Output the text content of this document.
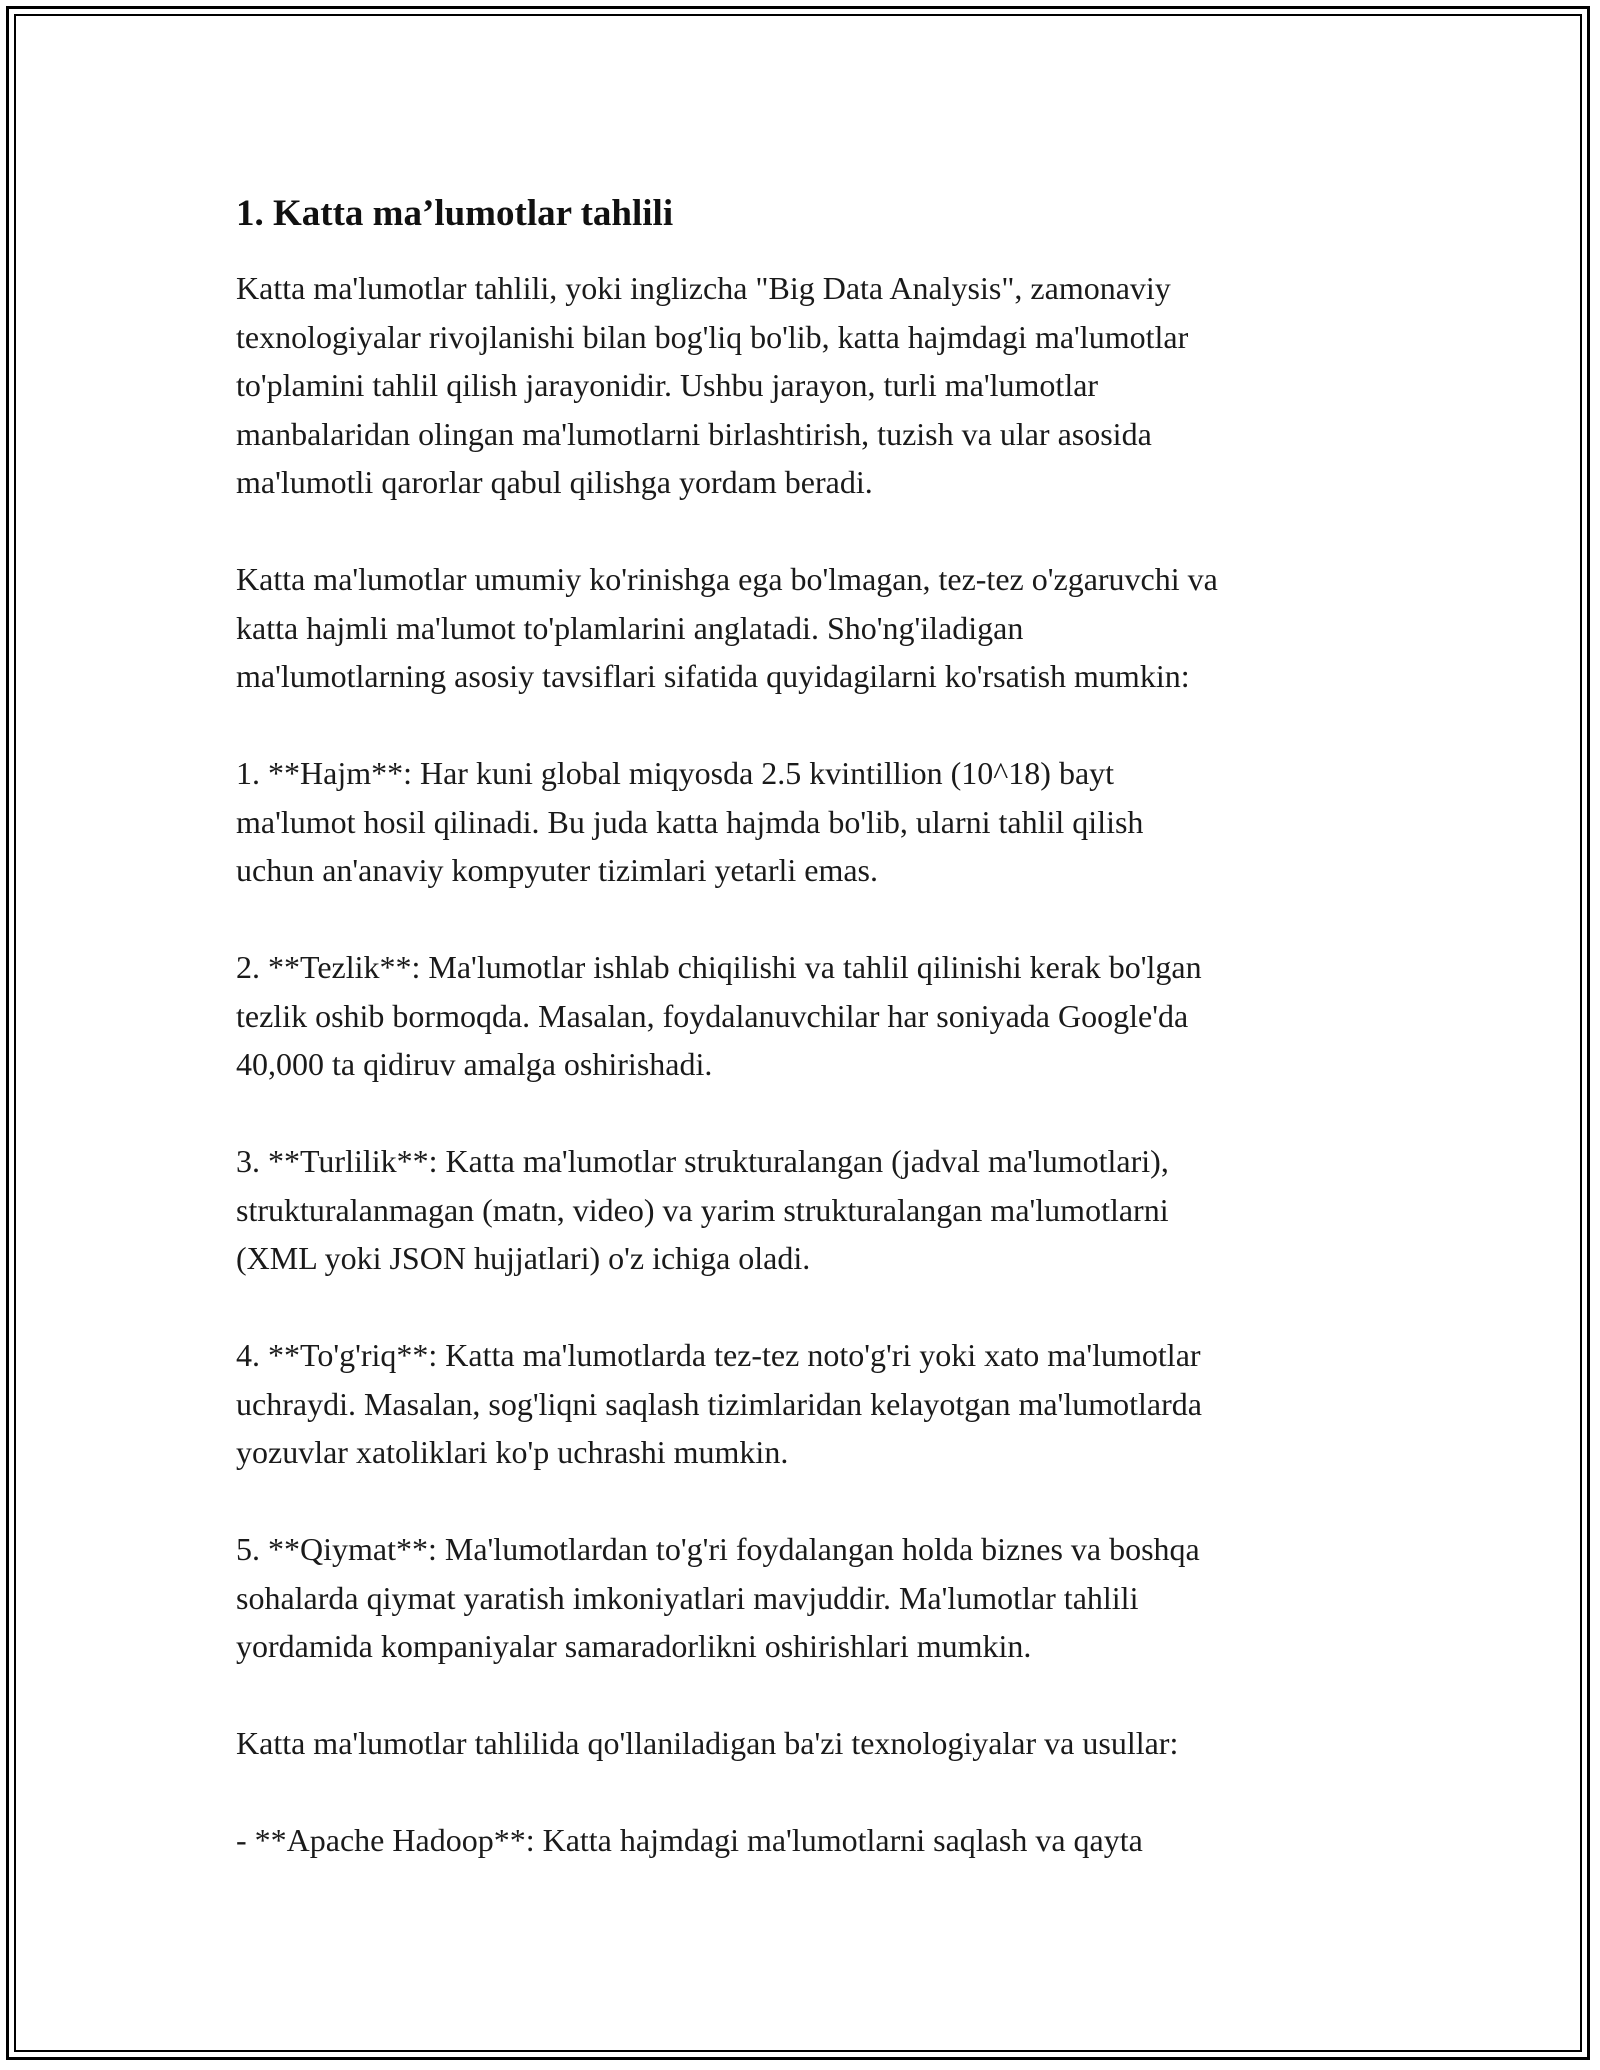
1. Katta ma’lumotlar tahlili

Katta ma'lumotlar tahlili, yoki inglizcha "Big Data Analysis", zamonaviy
texnologiyalar rivojlanishi bilan bog'liq bo'lib, katta hajmdagi ma'lumotlar
to'plamini tahlil qilish jarayonidir. Ushbu jarayon, turli ma'lumotlar
manbalaridan olingan ma'lumotlarni birlashtirish, tuzish va ular asosida
ma'lumotli qarorlar qabul qilishga yordam beradi.

Katta ma'lumotlar umumiy ko'rinishga ega bo'lmagan, tez-tez o'zgaruvchi va
katta hajmli ma'lumot to'plamlarini anglatadi. Sho'ng'iladigan
ma'lumotlarning asosiy tavsiflari sifatida quyidagilarni ko'rsatish mumkin:

1. **Hajm**: Har kuni global miqyosda 2.5 kvintillion (10^18) bayt
ma'lumot hosil qilinadi. Bu juda katta hajmda bo'lib, ularni tahlil qilish
uchun an'anaviy kompyuter tizimlari yetarli emas.

2. **Tezlik**: Ma'lumotlar ishlab chiqilishi va tahlil qilinishi kerak bo'lgan
tezlik oshib bormoqda. Masalan, foydalanuvchilar har soniyada Google'da
40,000 ta qidiruv amalga oshirishadi.

3. **Turlilik**: Katta ma'lumotlar strukturalangan (jadval ma'lumotlari),
strukturalanmagan (matn, video) va yarim strukturalangan ma'lumotlarni
(XML yoki JSON hujjatlari) o'z ichiga oladi.

4. **To'g'riq**: Katta ma'lumotlarda tez-tez noto'g'ri yoki xato ma'lumotlar
uchraydi. Masalan, sog'liqni saqlash tizimlaridan kelayotgan ma'lumotlarda
yozuvlar xatoliklari ko'p uchrashi mumkin.

5. **Qiymat**: Ma'lumotlardan to'g'ri foydalangan holda biznes va boshqa
sohalarda qiymat yaratish imkoniyatlari mavjuddir. Ma'lumotlar tahlili
yordamida kompaniyalar samaradorlikni oshirishlari mumkin.

Katta ma'lumotlar tahlilida qo'llaniladigan ba'zi texnologiyalar va usullar:

- **Apache Hadoop**: Katta hajmdagi ma'lumotlarni saqlash va qayta
